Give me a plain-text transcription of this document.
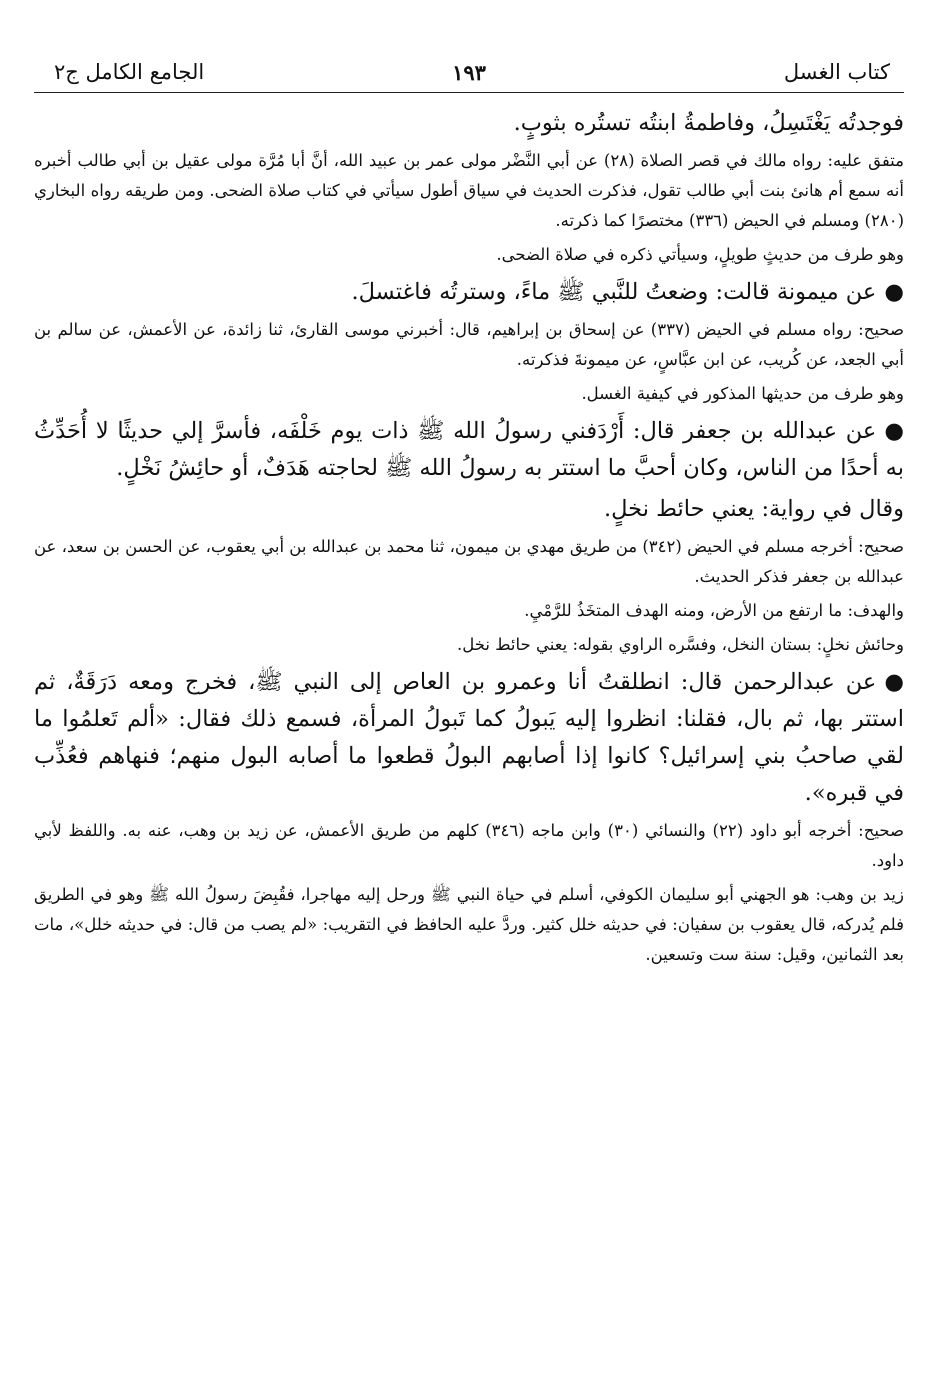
كتاب الغسل
١٩٣
الجامع الكامل ج٢

فوجدتُه يَغْتَسِلُ، وفاطمةُ ابنتُه تستُره بثوبٍ.

متفق عليه: رواه مالك في قصر الصلاة (٢٨) عن أبي النَّضْر مولى عمر بن عبيد الله، أنَّ أبا مُرَّة مولى عقيل بن أبي طالب أخبره أنه سمع أم هانئ بنت أبي طالب تقول، فذكرت الحديث في سياق أطول سيأتي في كتاب صلاة الضحى. ومن طريقه رواه البخاري (٢٨٠) ومسلم في الحيض (٣٣٦) مختصرًا كما ذكرته.

وهو طرف من حديثٍ طويلٍ، وسيأتي ذكره في صلاة الضحى.

●عن ميمونة قالت: وضعتُ للنَّبي ﷺ ماءً، وسترتُه فاغتسلَ.

صحيح: رواه مسلم في الحيض (٣٣٧) عن إسحاق بن إبراهيم، قال: أخبرني موسى القارئ، ثنا زائدة، عن الأعمش، عن سالم بن أبي الجعد، عن كُريب، عن ابن عبَّاسٍ، عن ميمونةَ فذكرته.

وهو طرف من حديثها المذكور في كيفية الغسل.

●عن عبدالله بن جعفر قال: أَرْدَفني رسولُ الله ﷺ ذات يوم خَلْفَه، فأسرَّ إلي حديثًا لا أُحَدِّثُ به أحدًا من الناس، وكان أحبَّ ما استتر به رسولُ الله ﷺ لحاجته هَدَفٌ، أو حائِشُ نَخْلٍ.

وقال في رواية: يعني حائط نخلٍ.

صحيح: أخرجه مسلم في الحيض (٣٤٢) من طريق مهدي بن ميمون، ثنا محمد بن عبدالله بن أبي يعقوب، عن الحسن بن سعد، عن عبدالله بن جعفر فذكر الحديث.

والهدف: ما ارتفع من الأرض، ومنه الهدف المتخَذُ للرَّمْيِ.

وحائش نخلٍ: بستان النخل، وفسَّره الراوي بقوله: يعني حائط نخل.

●عن عبدالرحمن قال: انطلقتُ أنا وعمرو بن العاص إلى النبي ﷺ، فخرج ومعه دَرَقَةٌ، ثم استتر بها، ثم بال، فقلنا: انظروا إليه يَبولُ كما تَبولُ المرأة، فسمع ذلك فقال: «ألم تَعلمُوا ما لقي صاحبُ بني إسرائيل؟ كانوا إذا أصابهم البولُ قطعوا ما أصابه البول منهم؛ فنهاهم فعُذِّب في قبره».

صحيح: أخرجه أبو داود (٢٢) والنسائي (٣٠) وابن ماجه (٣٤٦) كلهم من طريق الأعمش، عن زيد بن وهب، عنه به. واللفظ لأبي داود.

زيد بن وهب: هو الجهني أبو سليمان الكوفي، أسلم في حياة النبي ﷺ ورحل إليه مهاجرا، فقُبِضَ رسولُ الله ﷺ وهو في الطريق فلم يُدركه، قال يعقوب بن سفيان: في حديثه خلل كثير. وردَّ عليه الحافظ في التقريب: «لم يصب من قال: في حديثه خلل»، مات بعد الثمانين، وقيل: سنة ست وتسعين.
